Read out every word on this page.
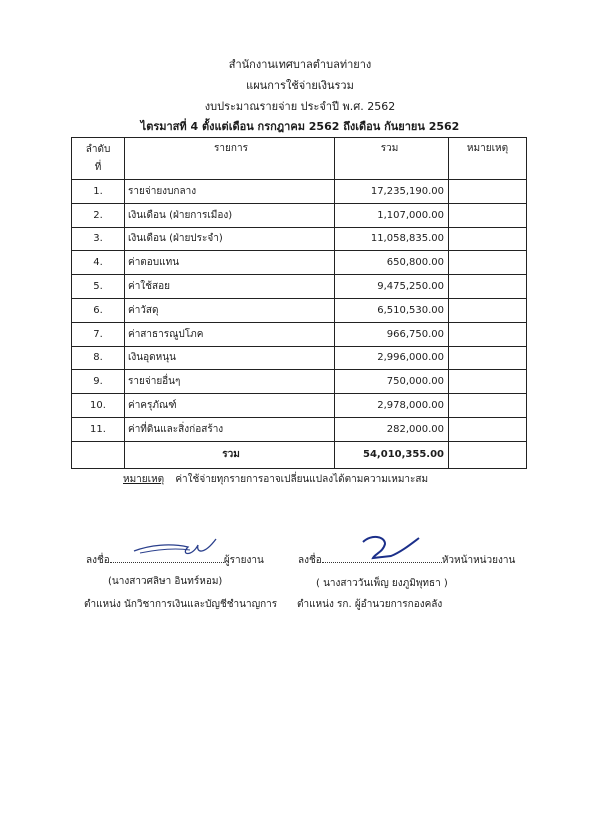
สำนักงานเทศบาลตำบลท่ายาง
แผนการใช้จ่ายเงินรวม
งบประมาณรายจ่าย ประจำปี พ.ศ. 2562
ไตรมาสที่ 4 ตั้งแต่เดือน กรกฎาคม 2562 ถึงเดือน กันยายน 2562
ลำดับ
ที่	รายการ	รวม	หมายเหตุ
1.	รายจ่ายงบกลาง	17,235,190.00	
2.	เงินเดือน (ฝ่ายการเมือง)	1,107,000.00	
3.	เงินเดือน (ฝ่ายประจำ)	11,058,835.00	
4.	ค่าตอบแทน	650,800.00	
5.	ค่าใช้สอย	9,475,250.00	
6.	ค่าวัสดุ	6,510,530.00	
7.	ค่าสาธารณูปโภค	966,750.00	
8.	เงินอุดหนุน	2,996,000.00	
9.	รายจ่ายอื่นๆ	750,000.00	
10.	ค่าครุภัณฑ์	2,978,000.00	
11.	ค่าที่ดินและสิ่งก่อสร้าง	282,000.00	
	รวม	54,010,355.00	
หมายเหตุ ค่าใช้จ่ายทุกรายการอาจเปลี่ยนแปลงได้ตามความเหมาะสม
ลงชื่อ	ผู้รายงาน
(นางสาวศลิษา อินทร์หอม)
ตำแหน่ง นักวิชาการเงินและบัญชีชำนาญการ
ลงชื่อ	หัวหน้าหน่วยงาน
( นางสาววันเพ็ญ ยงภูมิพุทธา )
ตำแหน่ง รก. ผู้อำนวยการกองคลัง
